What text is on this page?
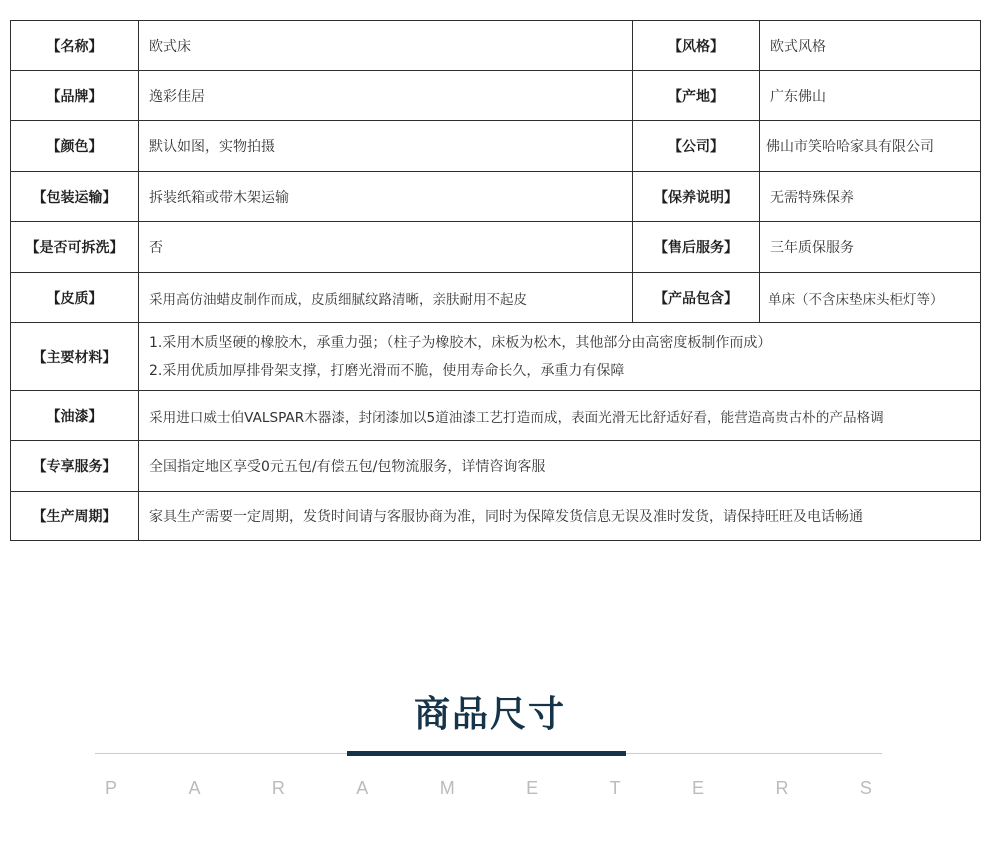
【名称】	欧式床	【风格】	欧式风格
【品牌】	逸彩佳居	【产地】	广东佛山
【颜色】	默认如图，实物拍摄	【公司】	佛山市笑哈哈家具有限公司
【包装运输】	拆装纸箱或带木架运输	【保养说明】	无需特殊保养
【是否可拆洗】	否	【售后服务】	三年质保服务
【皮质】	采用高仿油蜡皮制作而成，皮质细腻纹路清晰，亲肤耐用不起皮	【产品包含】	单床（不含床垫床头柜灯等）
【主要材料】	1.采用木质坚硬的橡胶木，承重力强；（柱子为橡胶木，床板为松木，其他部分由高密度板制作而成）
2.采用优质加厚排骨架支撑，打磨光滑而不脆，使用寿命长久，承重力有保障		

【油漆】	采用进口威士伯VALSPAR木器漆，封闭漆加以5道油漆工艺打造而成，表面光滑无比舒适好看，能营造高贵古朴的产品格调		
【专享服务】	全国指定地区享受0元五包/有偿五包/包物流服务，详情咨询客服		
【生产周期】	家具生产需要一定周期，发货时间请与客服协商为准，同时为保障发货信息无误及准时发货，请保持旺旺及电话畅通		
商品尺寸
P	A	R	A	M	E	T	E	R	S
